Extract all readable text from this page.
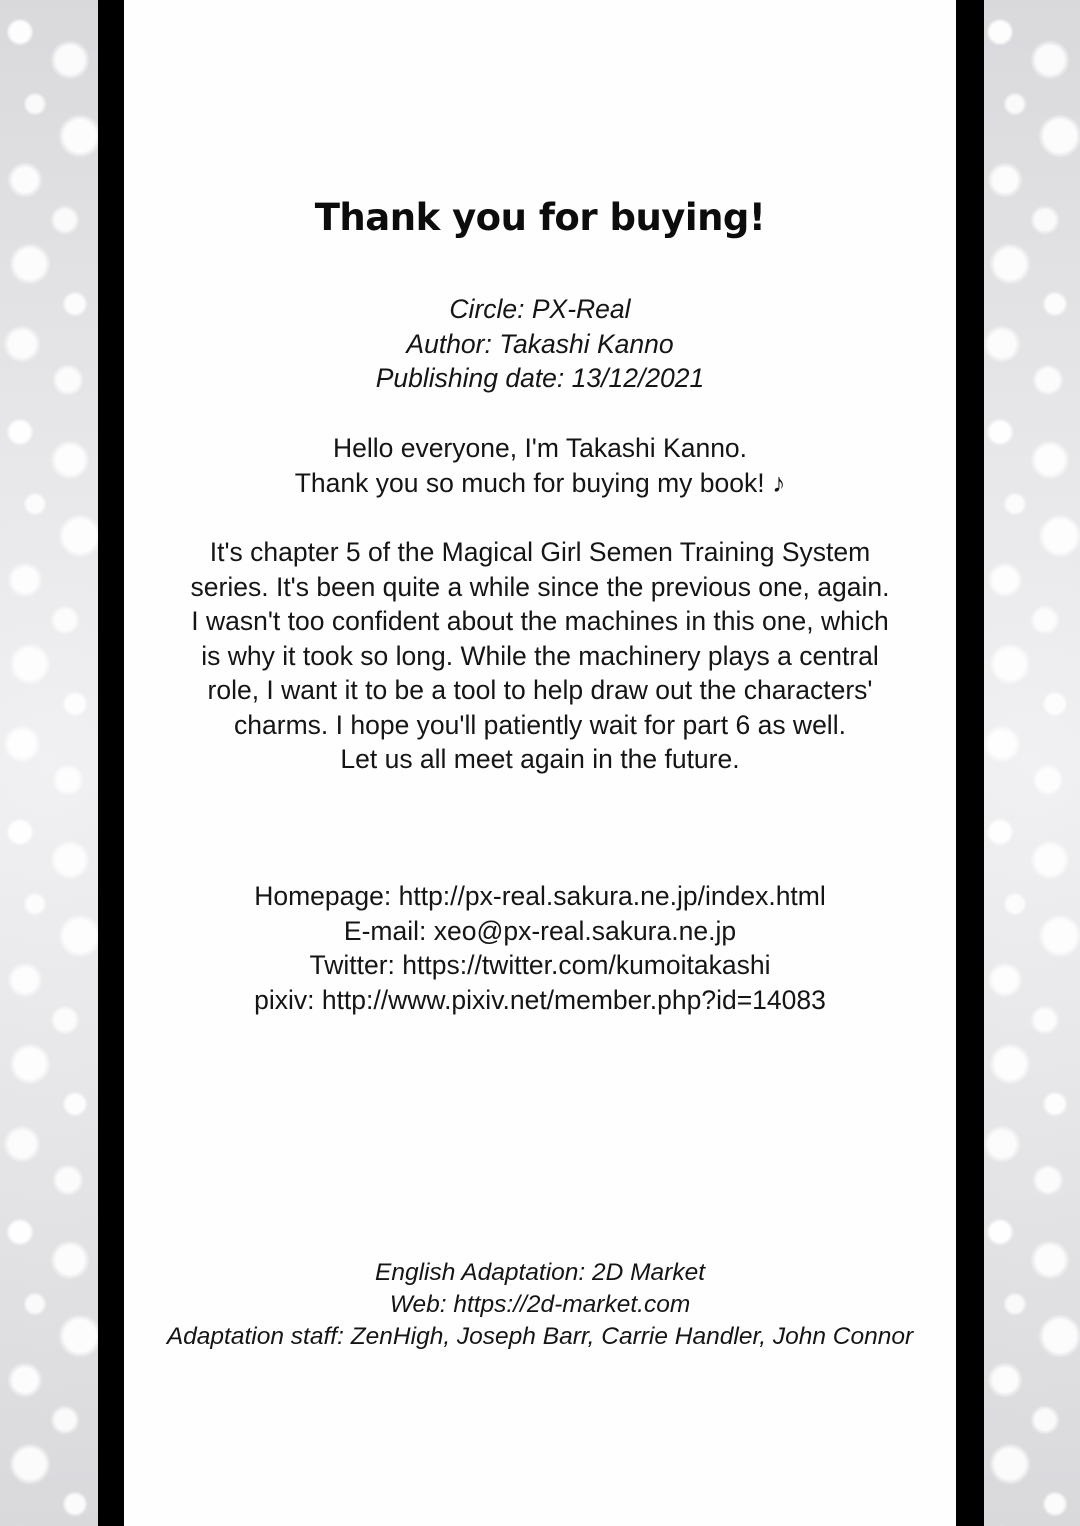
Thank you for buying!
Circle: PX-Real
Author: Takashi Kanno
Publishing date: 13/12/2021
Hello everyone, I'm Takashi Kanno.
Thank you so much for buying my book! ♪
It's chapter 5 of the Magical Girl Semen Training System
series. It's been quite a while since the previous one, again.
I wasn't too confident about the machines in this one, which
is why it took so long. While the machinery plays a central
role, I want it to be a tool to help draw out the characters'
charms. I hope you'll patiently wait for part 6 as well.
Let us all meet again in the future.
Homepage: http://px-real.sakura.ne.jp/index.html
E-mail: xeo@px-real.sakura.ne.jp
Twitter: https://twitter.com/kumoitakashi
pixiv: http://www.pixiv.net/member.php?id=14083
English Adaptation: 2D Market
Web: https://2d-market.com
Adaptation staff: ZenHigh, Joseph Barr, Carrie Handler, John Connor
